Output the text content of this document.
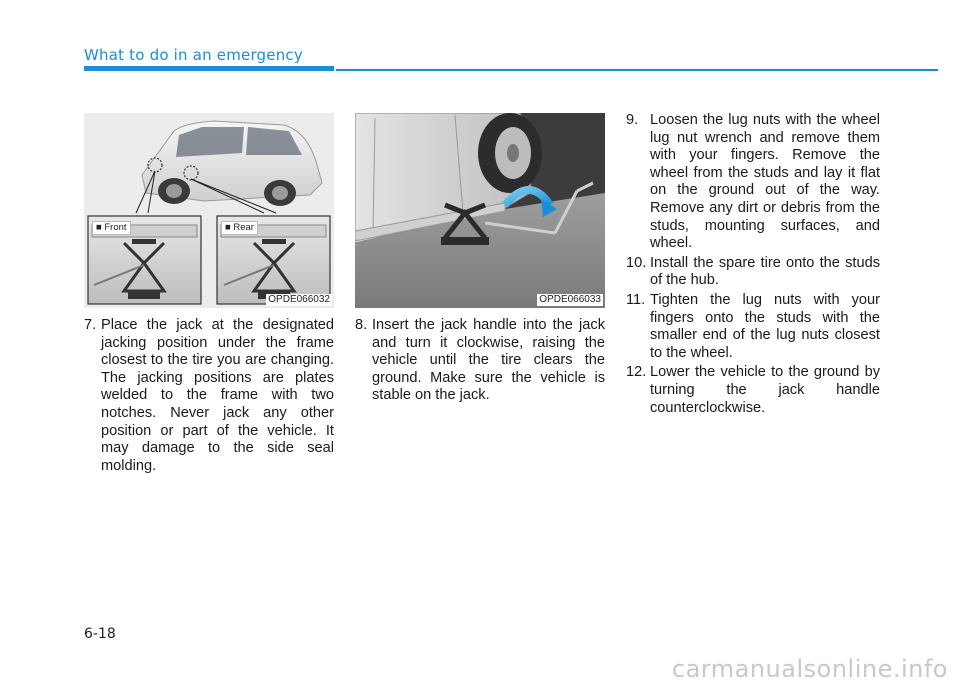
What to do in an emergency
■ Front	■ Rear
OPDE066032	OPDE066033
7. Place the jack at the designated jacking position under the frame closest to the tire you are changing. The jacking positions are plates welded to the frame with two notches. Never jack any other position or part of the vehicle. It may damage to the side seal molding.
8. Insert the jack handle into the jack and turn it clockwise, raising the vehicle until the tire clears the ground. Make sure the vehicle is stable on the jack.
9. Loosen the lug nuts with the wheel lug nut wrench and remove them with your fingers. Remove the wheel from the studs and lay it flat on the ground out of the way. Remove any dirt or debris from the studs, mounting surfaces, and wheel.
10. Install the spare tire onto the studs of the hub.
11. Tighten the lug nuts with your fingers onto the studs with the smaller end of the lug nuts closest to the wheel.
12. Lower the vehicle to the ground by turning the jack handle counterclockwise.
6-18
carmanualsonline.info
